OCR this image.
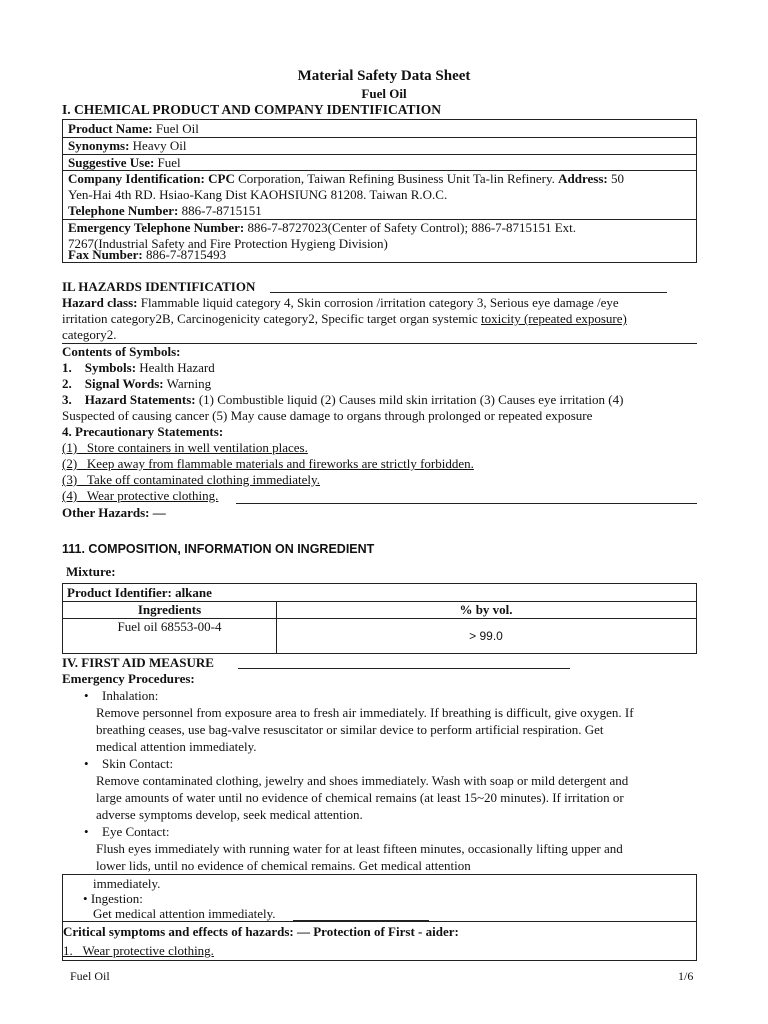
Material Safety Data Sheet
Fuel Oil
I. CHEMICAL PRODUCT AND COMPANY IDENTIFICATION
Product Name: Fuel Oil
Synonyms: Heavy Oil
Suggestive Use: Fuel
Company Identification: CPC Corporation, Taiwan Refining Business Unit Ta-lin Refinery. Address: 50
Yen-Hai 4th RD. Hsiao-Kang Dist KAOHSIUNG 81208. Taiwan R.O.C.
Telephone Number: 886-7-8715151
Emergency Telephone Number: 886-7-8727023(Center of Safety Control); 886-7-8715151 Ext.
7267(Industrial Safety and Fire Protection Hygieng Division)
Fax Number: 886-7-8715493
IL HAZARDS IDENTIFICATION
Hazard class: Flammable liquid category 4, Skin corrosion /irritation category 3, Serious eye damage /eye
irritation category2B, Carcinogenicity category2, Specific target organ systemic toxicity (repeated exposure)
category2.
Contents of Symbols:
1. Symbols: Health Hazard
2. Signal Words: Warning
3. Hazard Statements: (1) Combustible liquid (2) Causes mild skin irritation (3) Causes eye irritation (4)
Suspected of causing cancer (5) May cause damage to organs through prolonged or repeated exposure
4. Precautionary Statements:
(1) Store containers in well ventilation places.
(2) Keep away from flammable materials and fireworks are strictly forbidden.
(3) Take off contaminated clothing immediately.
(4) Wear protective clothing.
Other Hazards: —
111. COMPOSITION, INFORMATION ON INGREDIENT
Mixture:
Product Identifier: alkane
Ingredients	% by vol.
Fuel oil 68553-00-4
> 99.0
IV. FIRST AID MEASURE
Emergency Procedures:
• Inhalation:
Remove personnel from exposure area to fresh air immediately. If breathing is difficult, give oxygen. If
breathing ceases, use bag-valve resuscitator or similar device to perform artificial respiration. Get
medical attention immediately.
• Skin Contact:
Remove contaminated clothing, jewelry and shoes immediately. Wash with soap or mild detergent and
large amounts of water until no evidence of chemical remains (at least 15~20 minutes). If irritation or
adverse symptoms develop, seek medical attention.
• Eye Contact:
Flush eyes immediately with running water for at least fifteen minutes, occasionally lifting upper and
lower lids, until no evidence of chemical remains. Get medical attention
immediately.
• Ingestion:
Get medical attention immediately.
Critical symptoms and effects of hazards: — Protection of First - aider:
1. Wear protective clothing.
Fuel Oil	1/6
